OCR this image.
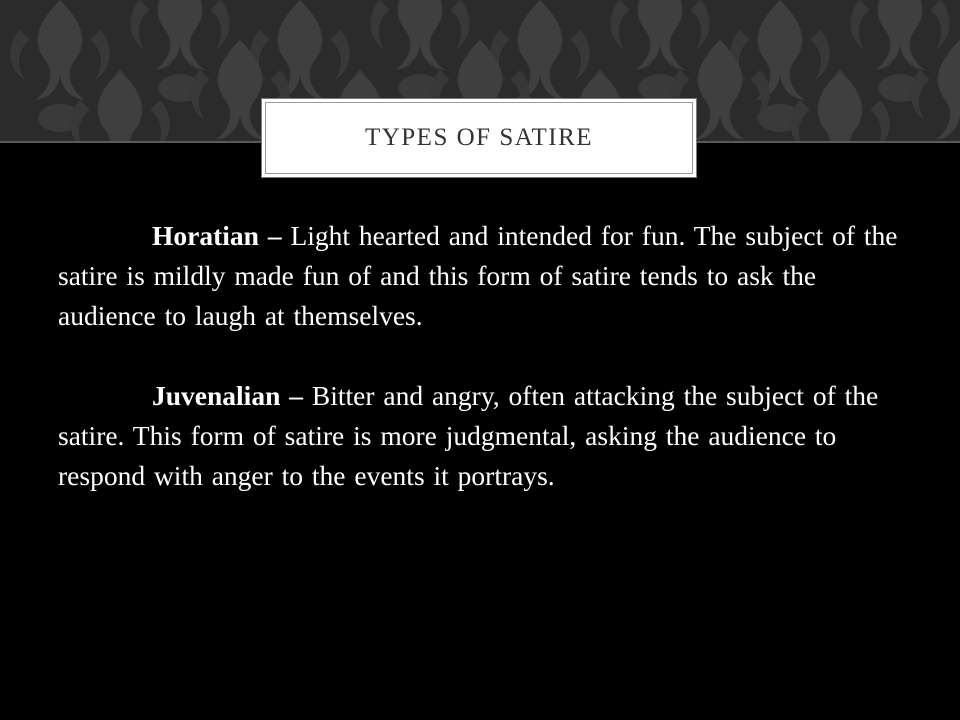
TYPES OF SATIRE

Horatian – Light hearted and intended for fun. The subject of the satire is mildly made fun of and this form of satire tends to ask the audience to laugh at themselves.

Juvenalian – Bitter and angry, often attacking the subject of the satire. This form of satire is more judgmental, asking the audience to respond with anger to the events it portrays.
